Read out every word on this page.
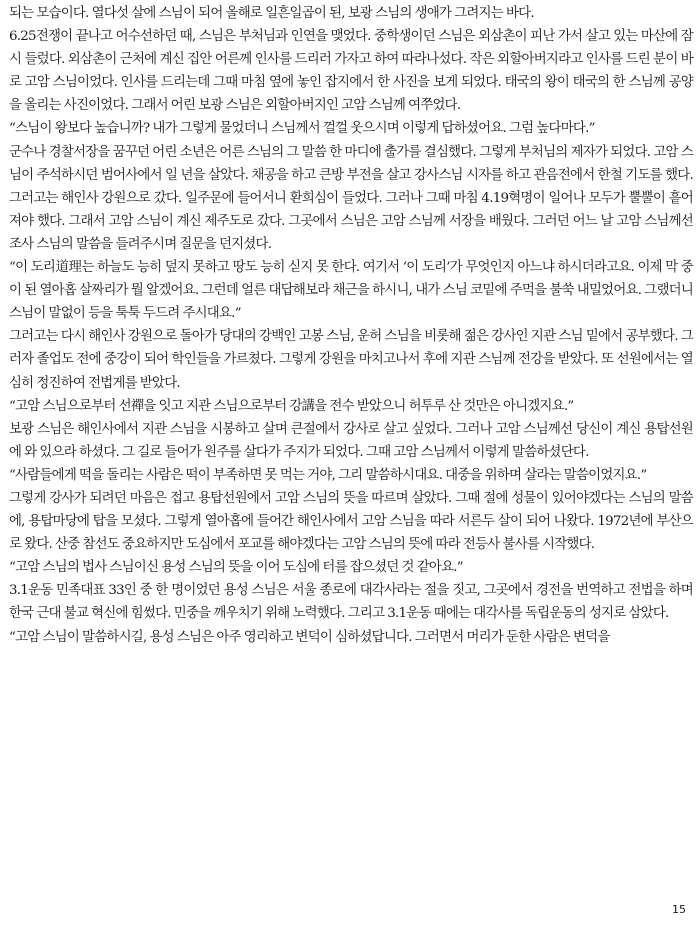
되는 모습이다. 열다섯 살에 스님이 되어 올해로 일흔일곱이 된, 보광 스님의 생애가 그려지는 바다.

6.25전쟁이 끝나고 어수선하던 때, 스님은 부처님과 인연을 맺었다. 중학생이던 스님은 외삼촌이 피난 가서 살고 있는 마산에 잠시 들렀다. 외삼촌이 근처에 계신 집안 어른께 인사를 드리러 가자고 하여 따라나섰다. 작은 외할아버지라고 인사를 드린 분이 바로 고암 스님이었다. 인사를 드리는데 그때 마침 옆에 놓인 잡지에서 한 사진을 보게 되었다. 태국의 왕이 태국의 한 스님께 공양을 올리는 사진이었다. 그래서 어린 보광 스님은 외할아버지인 고암 스님께 여쭈었다.

“스님이 왕보다 높습니까? 내가 그렇게 물었더니 스님께서 껄껄 웃으시며 이렇게 답하셨어요. 그럼 높다마다.”

군수나 경찰서장을 꿈꾸던 어린 소년은 어른 스님의 그 말씀 한 마디에 출가를 결심했다. 그렇게 부처님의 제자가 되었다. 고암 스님이 주석하시던 범어사에서 일 년을 살았다. 채공을 하고 큰방 부전을 살고 강사스님 시자를 하고 관음전에서 한철 기도를 했다. 그러고는 해인사 강원으로 갔다. 일주문에 들어서니 환희심이 들었다. 그러나 그때 마침 4.19혁명이 일어나 모두가 뿔뿔이 흩어져야 했다. 그래서 고암 스님이 계신 제주도로 갔다. 그곳에서 스님은 고암 스님께 서장을 배웠다. 그러던 어느 날 고암 스님께선 조사 스님의 말씀을 들려주시며 질문을 던지셨다.

“이 도리道理는 하늘도 능히 덮지 못하고 땅도 능히 싣지 못 한다. 여기서 ‘이 도리’가 무엇인지 아느냐 하시더라고요. 이제 막 중이 된 열아홉 살짜리가 뭘 알겠어요. 그런데 얼른 대답해보라 채근을 하시니, 내가 스님 코밑에 주먹을 불쑥 내밀었어요. 그랬더니 스님이 말없이 등을 툭툭 두드려 주시대요.”

그러고는 다시 해인사 강원으로 돌아가 당대의 강백인 고봉 스님, 운허 스님을 비롯해 젊은 강사인 지관 스님 밑에서 공부했다. 그러자 졸업도 전에 중강이 되어 학인들을 가르쳤다. 그렇게 강원을 마치고나서 후에 지관 스님께 전강을 받았다. 또 선원에서는 열심히 정진하여 전법게를 받았다.

“고암 스님으로부터 선禪을 잇고 지관 스님으로부터 강講을 전수 받았으니 허투루 산 것만은 아니겠지요.”

보광 스님은 해인사에서 지관 스님을 시봉하고 살며 큰절에서 강사로 살고 싶었다. 그러나 고암 스님께선 당신이 계신 용탑선원에 와 있으라 하셨다. 그 길로 들어가 원주를 살다가 주지가 되었다. 그때 고암 스님께서 이렇게 말씀하셨단다.

“사람들에게 떡을 돌리는 사람은 떡이 부족하면 못 먹는 거야, 그리 말씀하시대요. 대중을 위하며 살라는 말씀이었지요.”

그렇게 강사가 되려던 마음은 접고 용탑선원에서 고암 스님의 뜻을 따르며 살았다. 그때 절에 성물이 있어야겠다는 스님의 말씀에, 용탑마당에 탑을 모셨다. 그렇게 열아홉에 들어간 해인사에서 고암 스님을 따라 서른두 살이 되어 나왔다. 1972년에 부산으로 왔다. 산중 참선도 중요하지만 도심에서 포교를 해야겠다는 고암 스님의 뜻에 따라 전등사 불사를 시작했다.

“고암 스님의 법사 스님이신 용성 스님의 뜻을 이어 도심에 터를 잡으셨던 것 같아요.”

3.1운동 민족대표 33인 중 한 명이었던 용성 스님은 서울 종로에 대각사라는 절을 짓고, 그곳에서 경전을 번역하고 전법을 하며 한국 근대 불교 혁신에 힘썼다. 민중을 깨우치기 위해 노력했다. 그리고 3.1운동 때에는 대각사를 독립운동의 성지로 삼았다.

“고암 스님이 말씀하시길, 용성 스님은 아주 영리하고 변덕이 심하셨답니다. 그러면서 머리가 둔한 사람은 변덕을

15
